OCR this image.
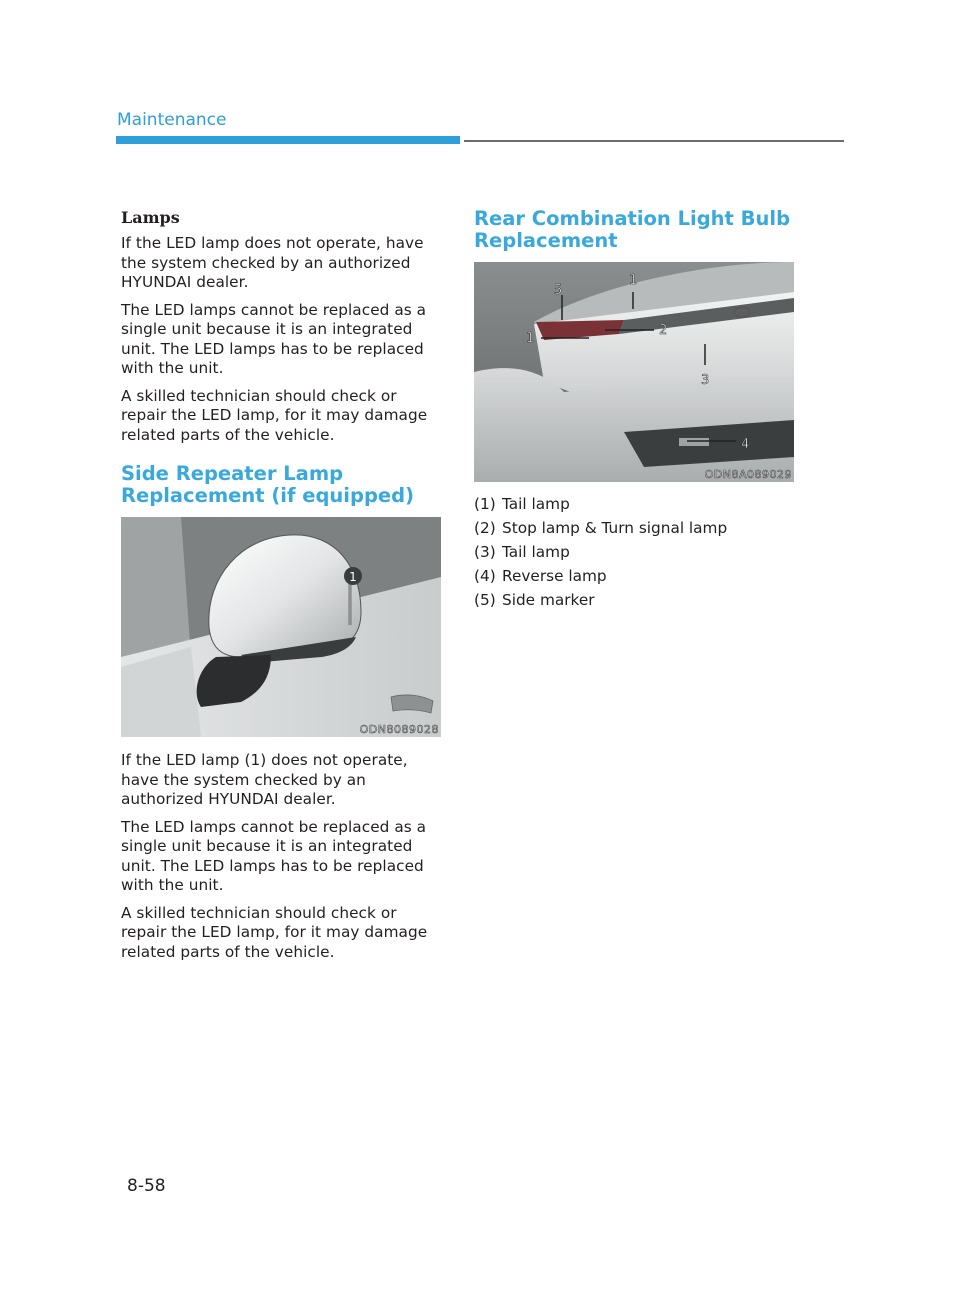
Maintenance
Lamps

If the LED lamp does not operate, have the system checked by an authorized HYUNDAI dealer.

The LED lamps cannot be replaced as a single unit because it is an integrated unit. The LED lamps has to be replaced with the unit.

A skilled technician should check or repair the LED lamp, for it may damage related parts of the vehicle.

Side Repeater Lamp Replacement (if equipped)
1
ODN8089028

If the LED lamp (1) does not operate, have the system checked by an authorized HYUNDAI dealer.

The LED lamps cannot be replaced as a single unit because it is an integrated unit. The LED lamps has to be replaced with the unit.

A skilled technician should check or repair the LED lamp, for it may damage related parts of the vehicle.

Rear Combination Light Bulb Replacement
1
1
2
3
4
5
ODN8A089029
(1) Tail lamp
(2) Stop lamp & Turn signal lamp
(3) Tail lamp
(4) Reverse lamp
(5) Side marker
8-58
